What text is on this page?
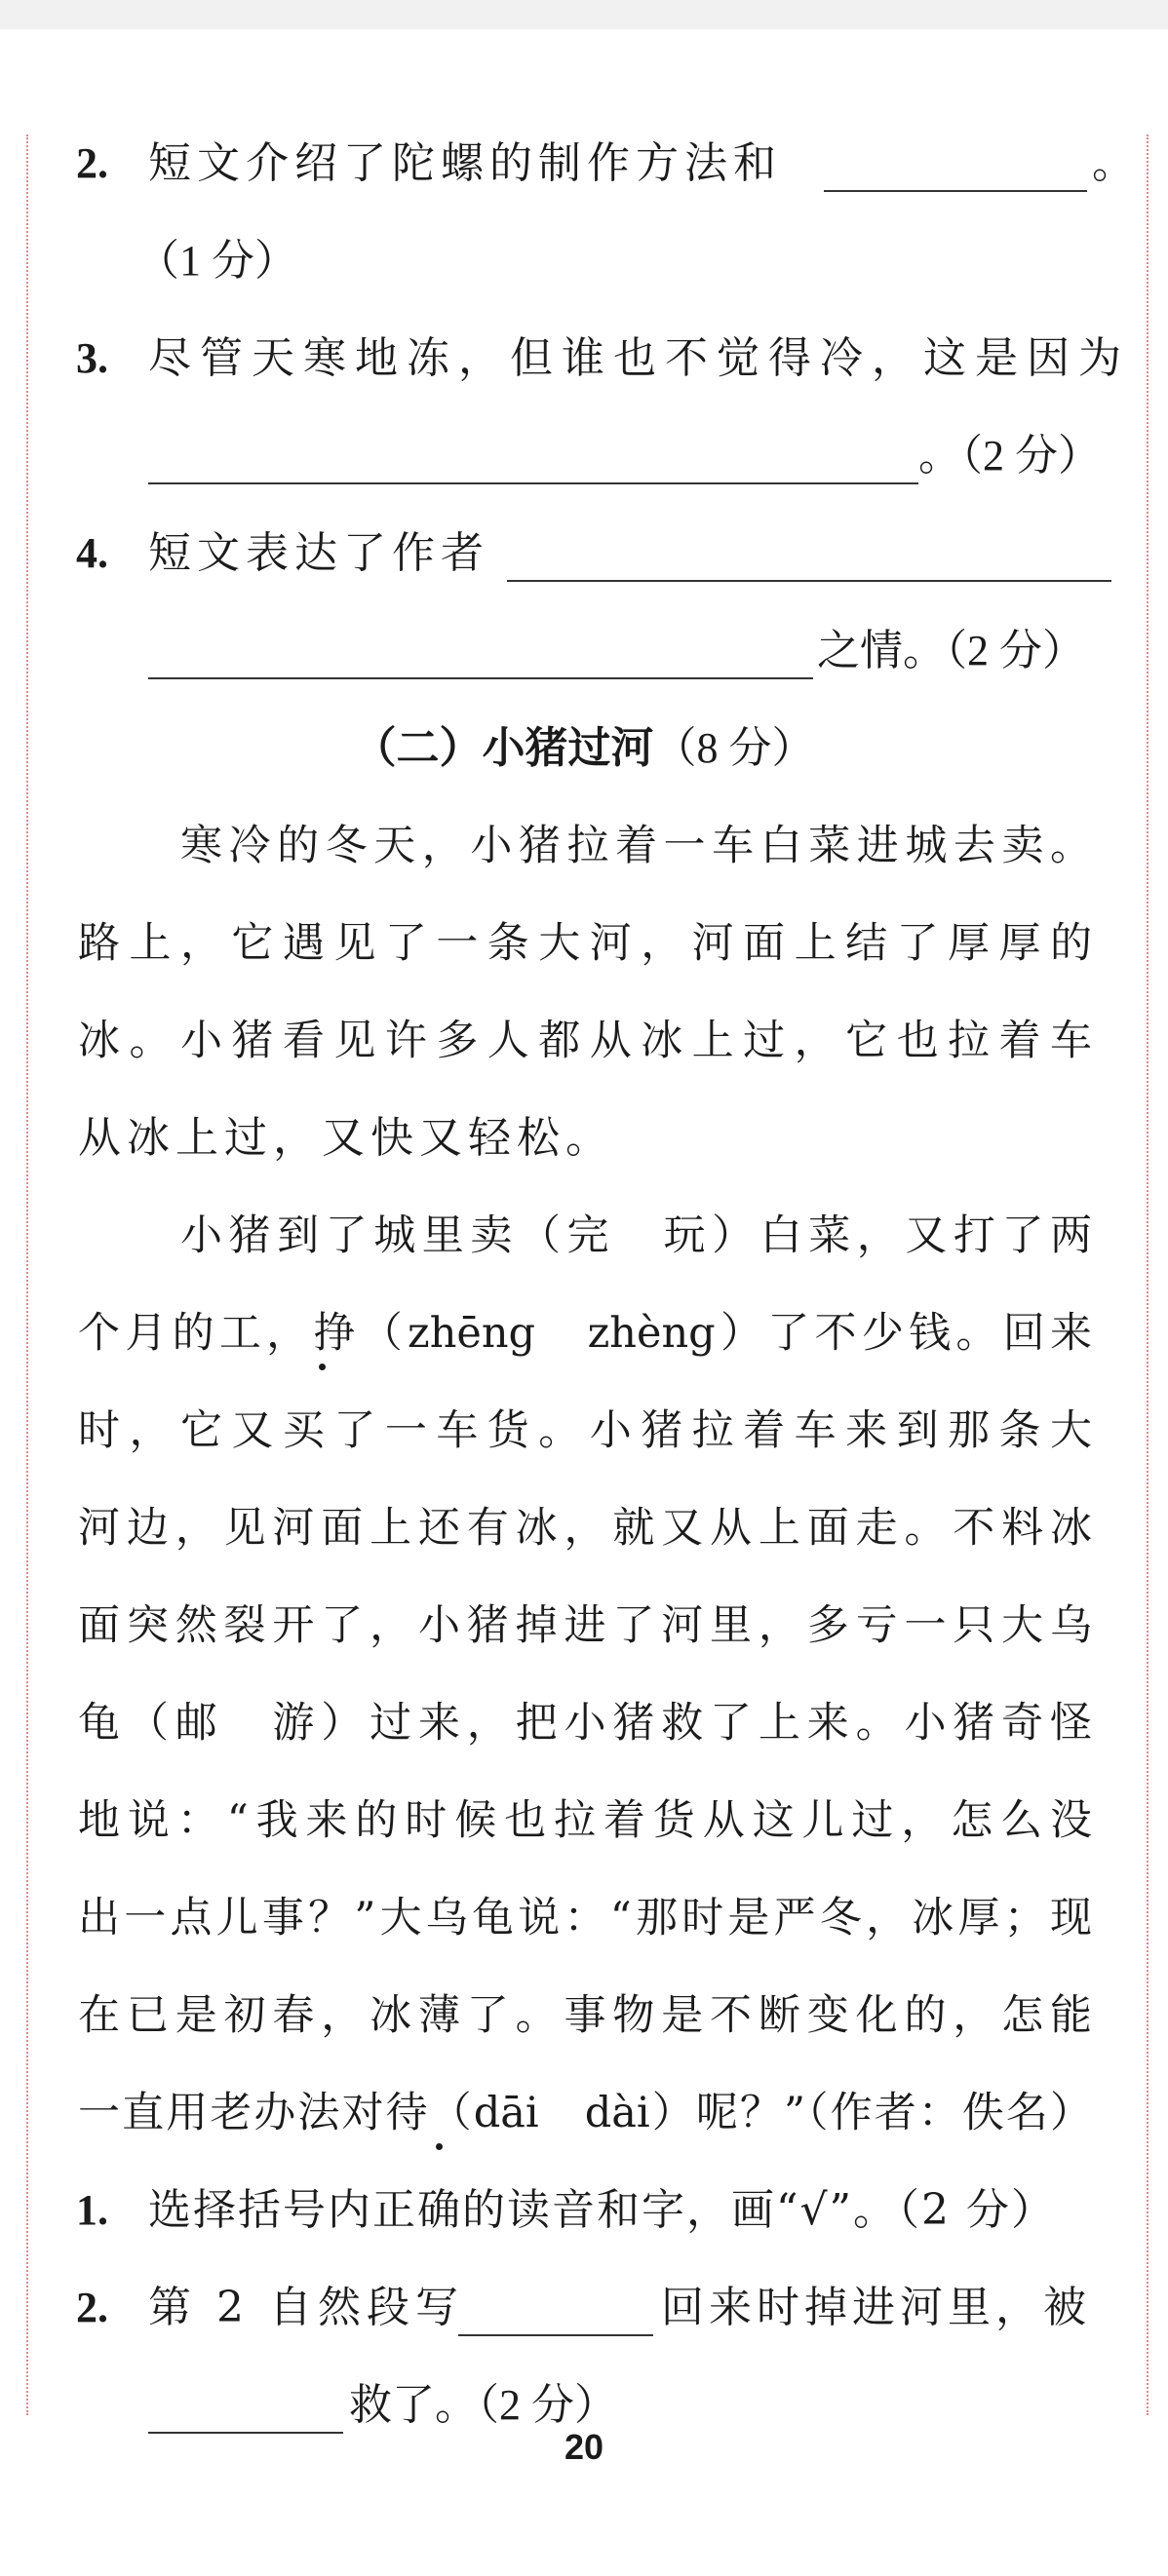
2. 短文介绍了陀螺的制作方法和	。
（1 分）
3. 尽管天寒地冻，但谁也不觉得冷，这是因为
。（2 分）
4. 短文表达了作者
之情。（2 分）
（二）小猪过河（8 分）
寒冷的冬天，小猪拉着一车白菜进城去卖。
路上，它遇见了一条大河，河面上结了厚厚的
冰。小猪看见许多人都从冰上过，它也拉着车
从冰上过，又快又轻松。
小猪到了城里卖（完　玩）白菜，又打了两
个月的工，挣（zhēng　zhèng）了不少钱。回来
时，它又买了一车货。小猪拉着车来到那条大
河边，见河面上还有冰，就又从上面走。不料冰
面突然裂开了，小猪掉进了河里，多亏一只大乌
龟（邮　游）过来，把小猪救了上来。小猪奇怪
地说：“我来的时候也拉着货从这儿过，怎么没
出一点儿事？”大乌龟说：“那时是严冬，冰厚；现
在已是初春，冰薄了。事物是不断变化的，怎能
一直用老办法对待（dāi　dài）呢？”（作者：佚名）
1. 选择括号内正确的读音和字，画“√”。（2 分）
2. 第 2 自然段写	回来时掉进河里，被
救了。（2 分）
20
